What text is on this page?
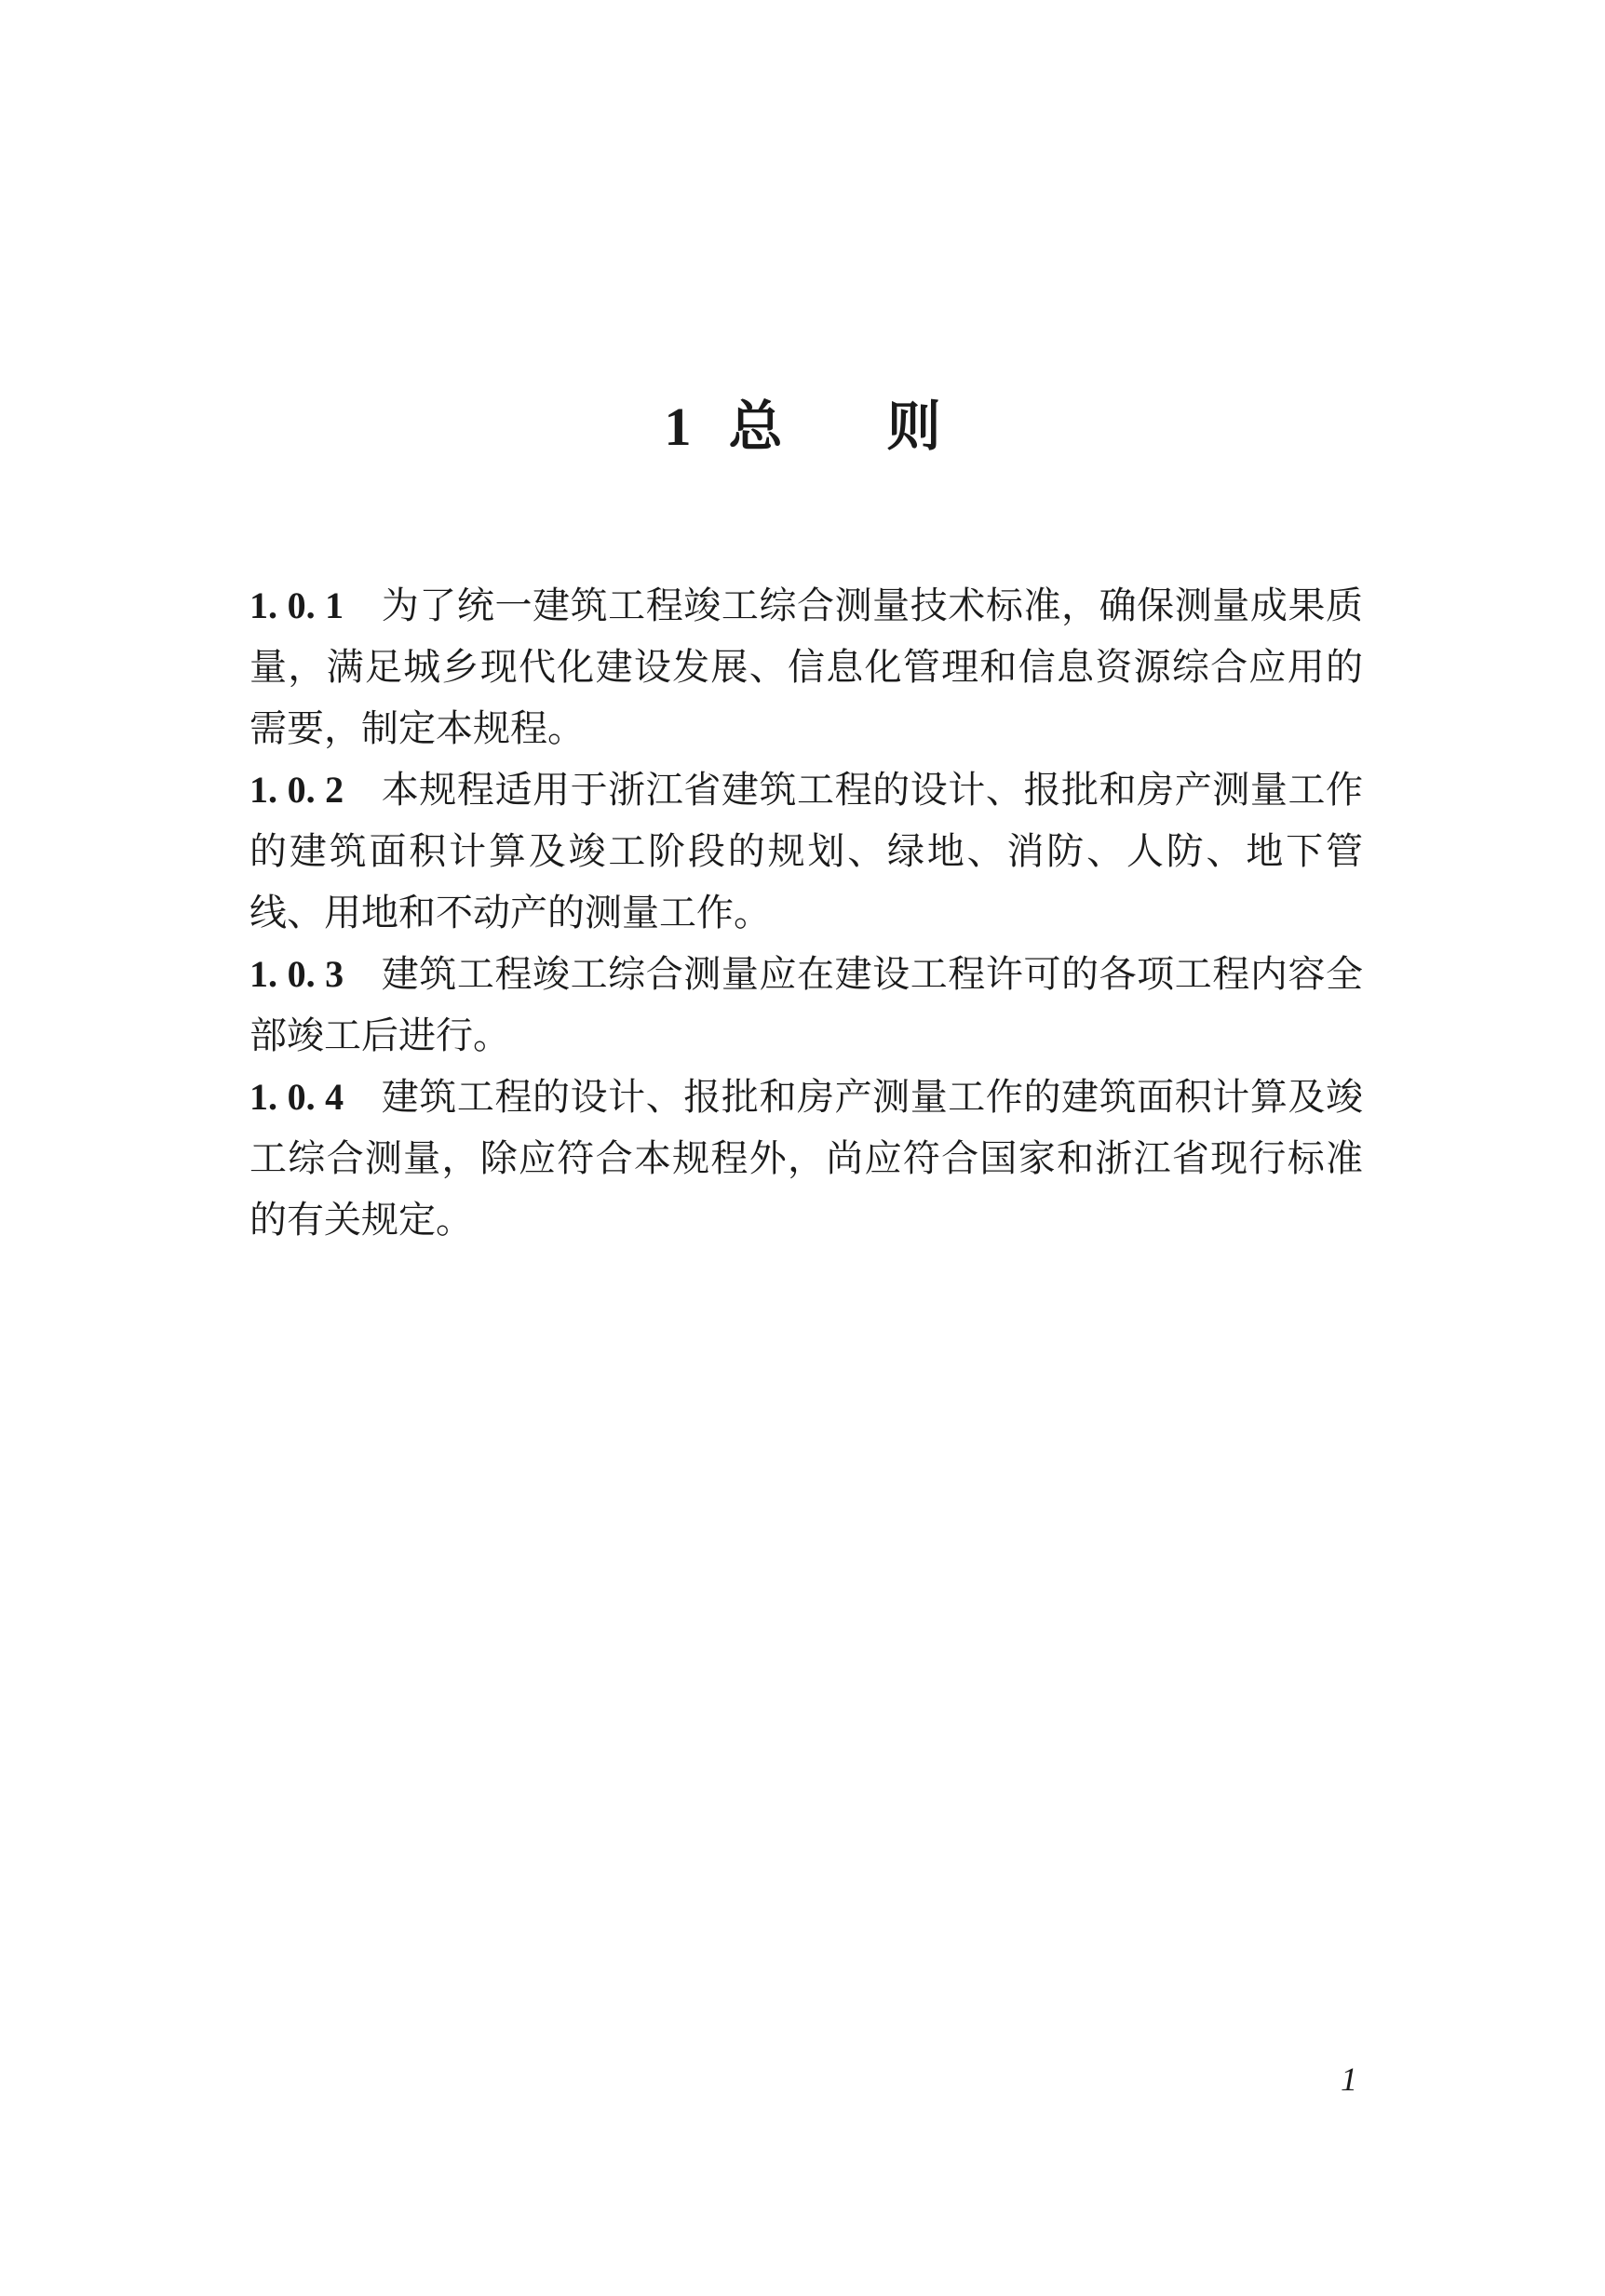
1 总 则

1. 0. 1 为了统一建筑工程竣工综合测量技术标准，确保测量成果质量，满足城乡现代化建设发展、信息化管理和信息资源综合应用的需要，制定本规程。

1. 0. 2 本规程适用于浙江省建筑工程的设计、报批和房产测量工作的建筑面积计算及竣工阶段的规划、绿地、消防、人防、地下管线、用地和不动产的测量工作。

1. 0. 3 建筑工程竣工综合测量应在建设工程许可的各项工程内容全部竣工后进行。

1. 0. 4 建筑工程的设计、报批和房产测量工作的建筑面积计算及竣工综合测量，除应符合本规程外，尚应符合国家和浙江省现行标准的有关规定。

1
